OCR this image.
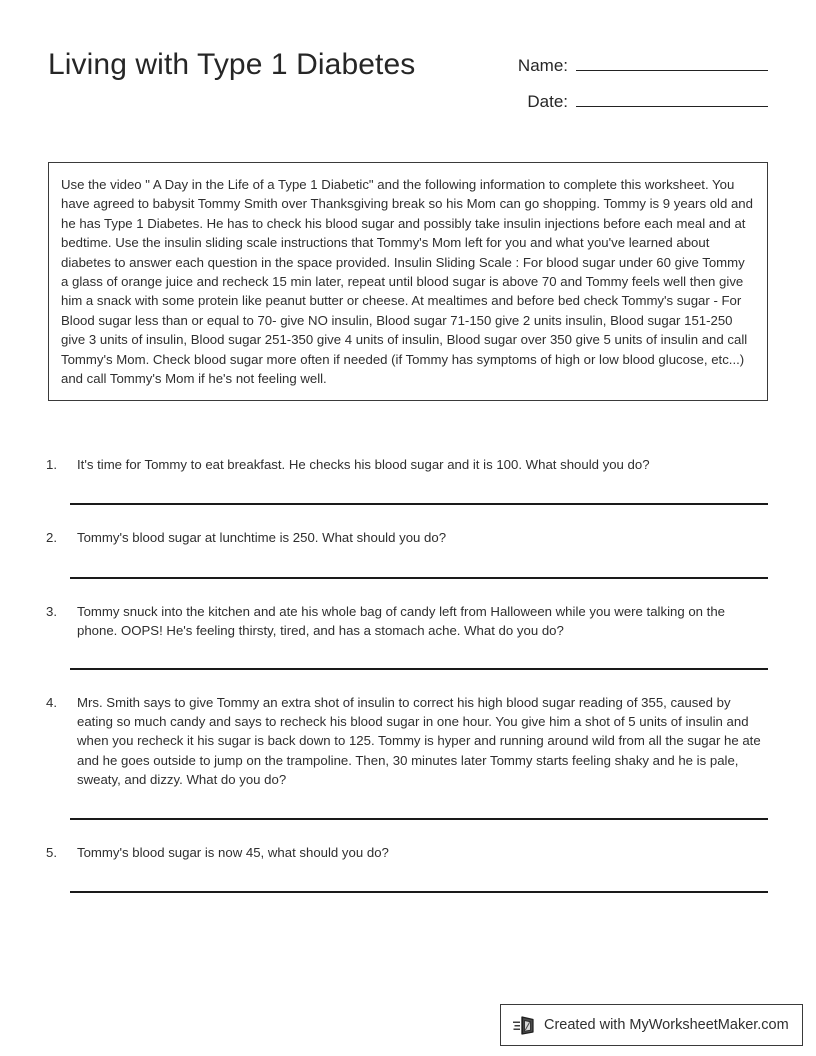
Living with Type 1 Diabetes	Name:
Date:

Use the video " A Day in the Life of a Type 1 Diabetic" and the following information to complete this worksheet. You have agreed to babysit Tommy Smith over Thanksgiving break so his Mom can go shopping. Tommy is 9 years old and he has Type 1 Diabetes. He has to check his blood sugar and possibly take insulin injections before each meal and at bedtime. Use the insulin sliding scale instructions that Tommy's Mom left for you and what you've learned about diabetes to answer each question in the space provided. Insulin Sliding Scale : For blood sugar under 60 give Tommy a glass of orange juice and recheck 15 min later, repeat until blood sugar is above 70 and Tommy feels well then give him a snack with some protein like peanut butter or cheese. At mealtimes and before bed check Tommy's sugar - For Blood sugar less than or equal to 70- give NO insulin, Blood sugar 71-150 give 2 units insulin, Blood sugar 151-250 give 3 units of insulin, Blood sugar 251-350 give 4 units of insulin, Blood sugar over 350 give 5 units of insulin and call Tommy's Mom. Check blood sugar more often if needed (if Tommy has symptoms of high or low blood glucose, etc...) and call Tommy's Mom if he's not feeling well.

1.	It's time for Tommy to eat breakfast. He checks his blood sugar and it is 100. What should you do?
2.	Tommy's blood sugar at lunchtime is 250. What should you do?
3.	Tommy snuck into the kitchen and ate his whole bag of candy left from Halloween while you were talking on the phone. OOPS! He's feeling thirsty, tired, and has a stomach ache. What do you do?
4.	Mrs. Smith says to give Tommy an extra shot of insulin to correct his high blood sugar reading of 355, caused by eating so much candy and says to recheck his blood sugar in one hour. You give him a shot of 5 units of insulin and when you recheck it his sugar is back down to 125. Tommy is hyper and running around wild from all the sugar he ate and he goes outside to jump on the trampoline. Then, 30 minutes later Tommy starts feeling shaky and he is pale, sweaty, and dizzy. What do you do?
5.	Tommy's blood sugar is now 45, what should you do?
Created with MyWorksheetMaker.com
